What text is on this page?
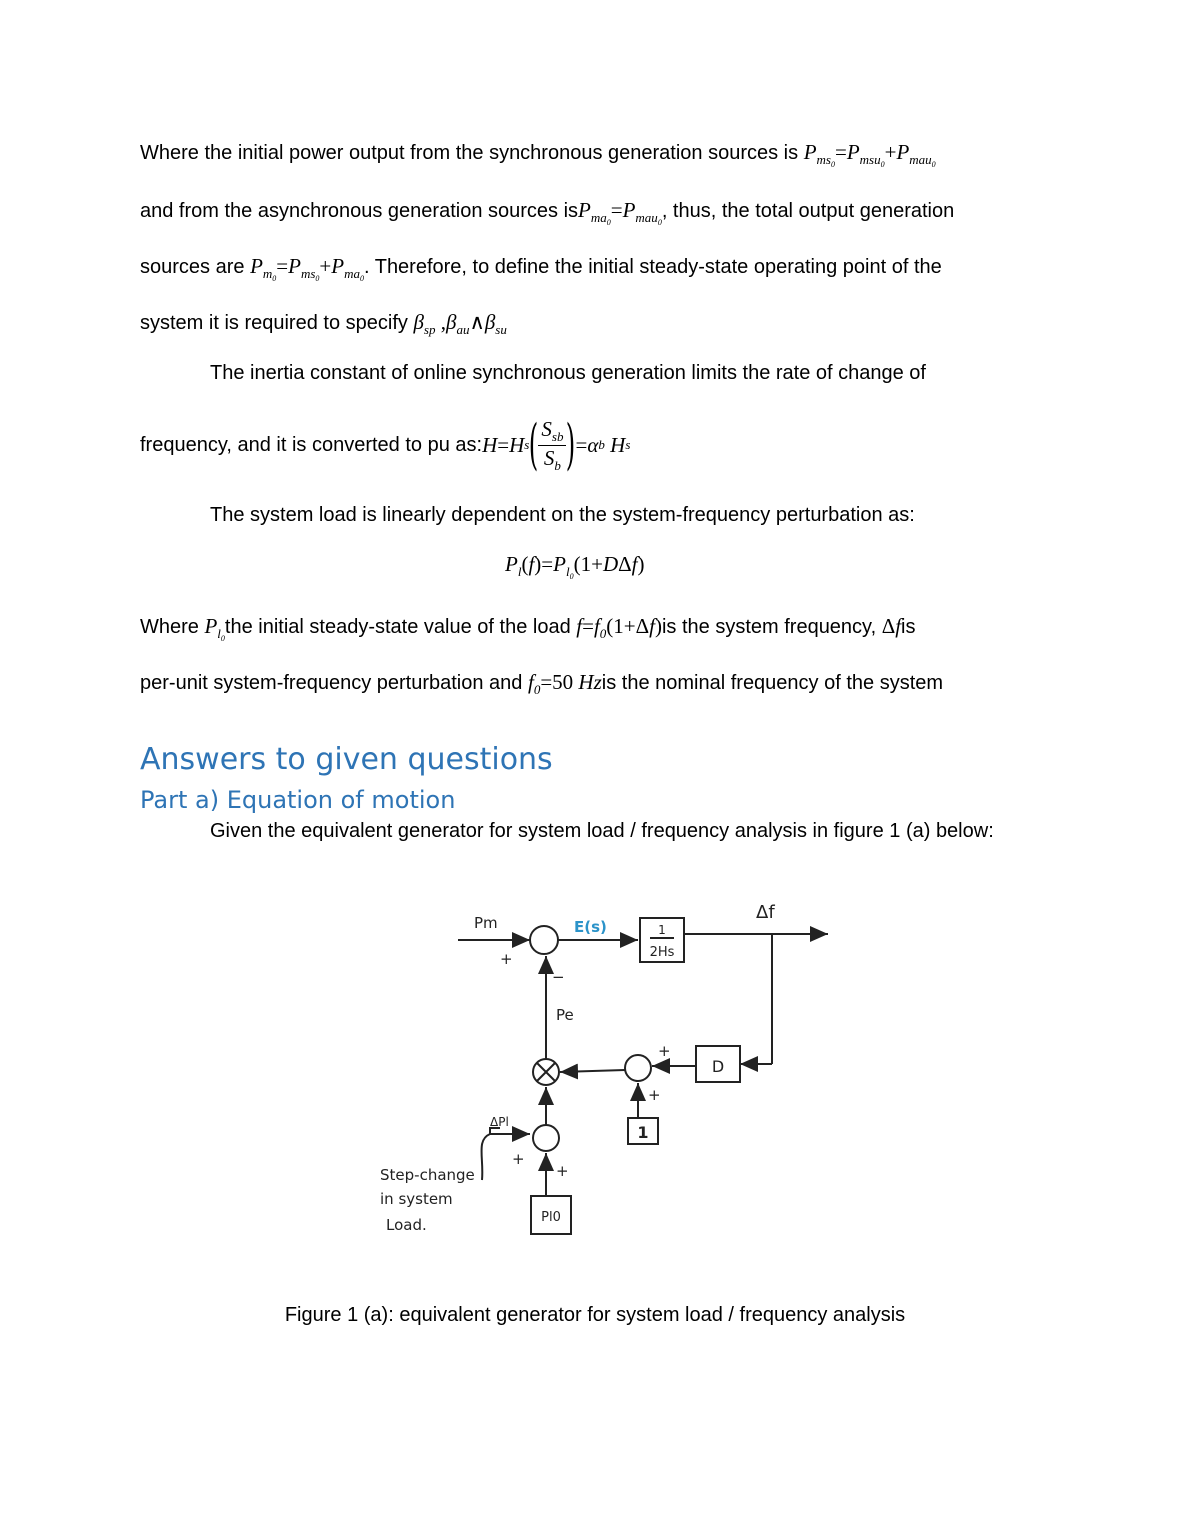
Where the initial power output from the synchronous generation sources is $P_{ms_0}=P_{msu_0}+P_{mau_0}$
and from the asynchronous generation sources $isP_{ma_0}=P_{mau_0}$, thus, the total output generation
sources are $P_{m_0}=P_{ms_0}+P_{ma_0}$. Therefore, to define the initial steady-state operating point of the
system it is required to specify $\beta_{sp}$ $,\beta_{au}\wedge\beta_{su}$
The inertia constant of online synchronous generation limits the rate of change of
frequency, and it is converted to pu as: H = H s ( $\frac{S_{sb}}{S_b}$ ) = α b H s
The system load is linearly dependent on the system-frequency perturbation as:
$P_l(f)=P_{l_0}(1+D\Delta f)$
Where $P_{l_0}the$ initial steady-state value of the load $f=f_0(1+\Delta f)is$ the system frequency, Δfis
per-unit system-frequency perturbation and $f_0=50$ Hzis the nominal frequency of the system
Answers to given questions
Part a) Equation of motion
Given the equivalent generator for system load / frequency analysis in figure 1 (a) below:
Pm	E(s)	1
2Hs
Δf
Pe
D
1
ΔPl
Pl0
Step-change
in system
Load.
+
−
+
+
+
+
Figure 1 (a): equivalent generator for system load / frequency analysis
